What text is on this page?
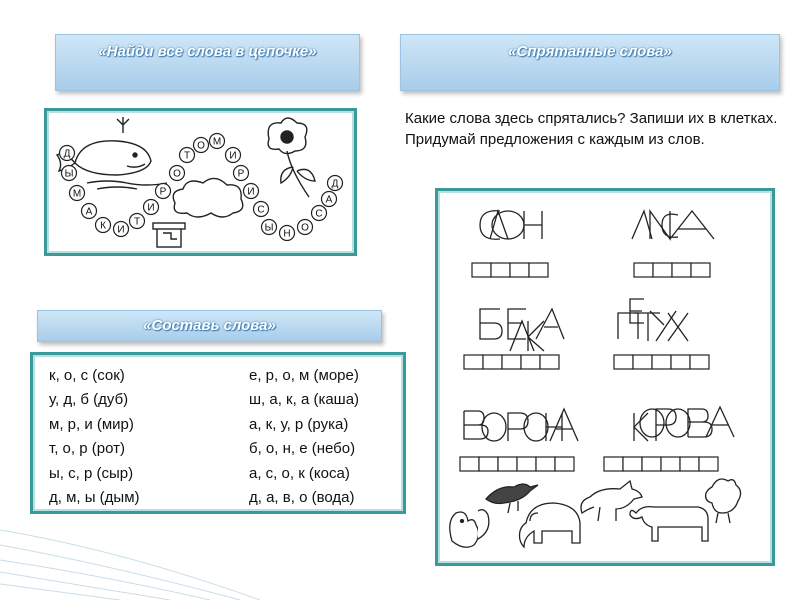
«Найди все слова в цепочке»	«Спрятанные слова»
«Составь слова»
Д
Ы
М
А
К И
Т
И
Р
О
Т
О М
И
Р
И
С
Ы
Н
О
С
А
Д
Какие слова здесь спрятались? Запиши их в клетках. Придумай предложения с каждым из слов.
к, о, с (сок)	е, р, о, м (море)
у, д, б (дуб)	ш, а, к, а (каша)
м, р, и (мир)	а, к, у, р (рука)
т, о, р (рот)	б, о, н, е (небо)
ы, с, р (сыр)	а, с, о, к (коса)
д, м, ы (дым)	д, а, в, о (вода)
